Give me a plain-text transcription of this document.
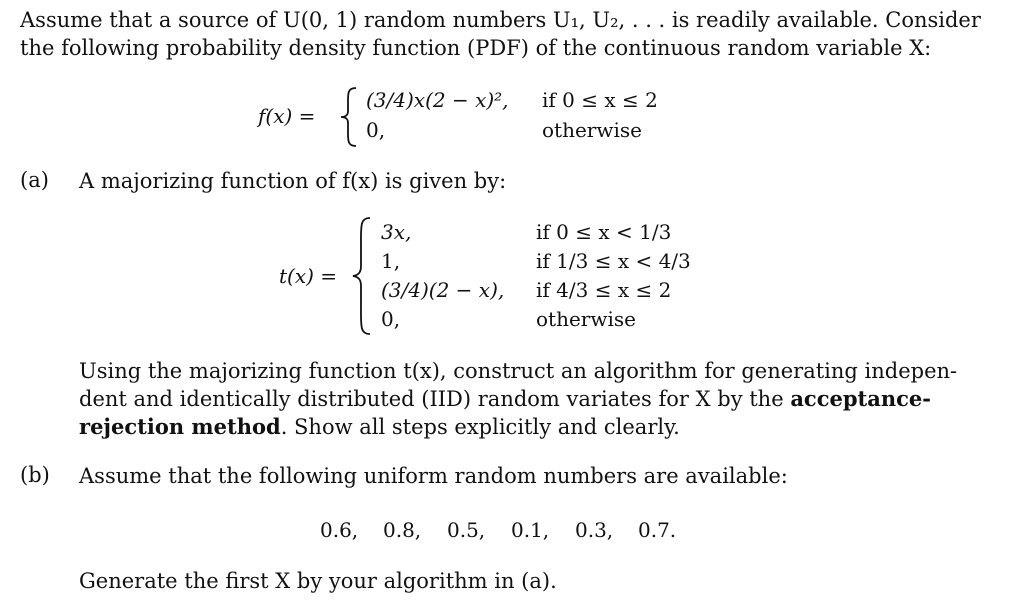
Assume that a source of U(0, 1) random numbers U₁, U₂, . . . is readily available. Consider
the following probability density function (PDF) of the continuous random variable X:
f(x) =
(3/4)x(2 − x)², if 0 ≤ x ≤ 2
0,	otherwise
(a) A majorizing function of f(x) is given by:
t(x) =
3x,	if 0 ≤ x < 1/3
1,	if 1/3 ≤ x < 4/3
(3/4)(2 − x), if 4/3 ≤ x ≤ 2
0,	otherwise
Using the majorizing function t(x), construct an algorithm for generating indepen-
dent and identically distributed (IID) random variates for X by the acceptance-
rejection method. Show all steps explicitly and clearly.
(b) Assume that the following uniform random numbers are available:
0.6, 0.8, 0.5, 0.1, 0.3, 0.7.
Generate the first X by your algorithm in (a).
